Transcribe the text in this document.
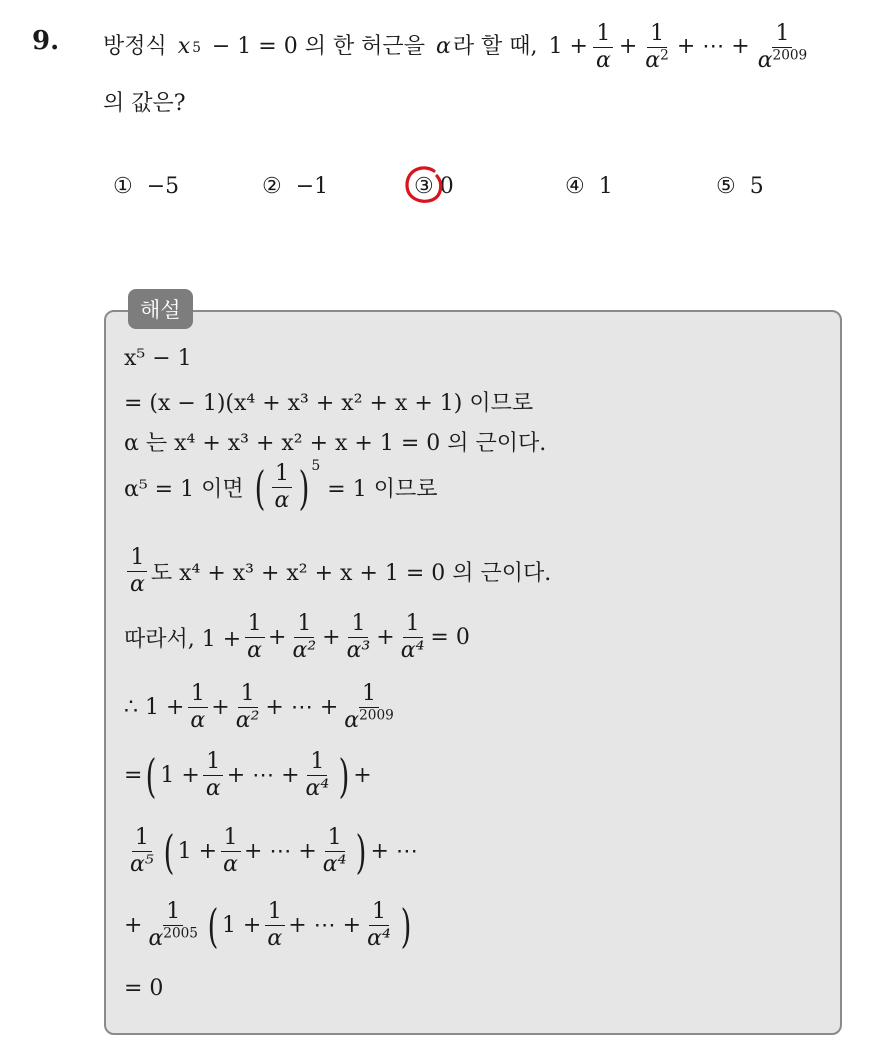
9. 방정식
x 5
− 1 = 0 의 한 허근을
α 라 할 때,
$1 + \frac{1}{\alpha} + \frac{1}{\alpha^2}$ + ⋯ + $\frac{1}{\alpha^{2009}}$
의 값은?
① −5	② −1	③ 0	④ 1	⑤ 5
해설
x⁵ − 1
= (x − 1)(x⁴ + x³ + x² + x + 1) 이므로
α 는 x⁴ + x³ + x² + x + 1 = 0 의 근이다.
α⁵ = 1 이면
( $\frac{1}{\alpha}$ ) 5

= 1 이므로
$\frac{1}{\alpha}$ 도 x⁴ + x³ + x² + x + 1 = 0 의 근이다.
따라서, $1 + \frac{1}{\alpha} + \frac{1}{\text{α²}} + \frac{1}{\text{α³}} + \frac{1}{\text{α⁴}} = 0$
∴ $1 + \frac{1}{\alpha} + \frac{1}{\text{α²}}$ + ⋯ + $\frac{1}{\alpha^{2009}}$
= ( $1 + \frac{1}{\alpha}$ + ⋯ + $\frac{1}{\text{α⁴}}$ ) +
$\frac{1}{\text{α⁵}}$ ( $1 + \frac{1}{\alpha}$ + ⋯ + $\frac{1}{\text{α⁴}}$ ) + ⋯
+ $\frac{1}{\alpha^{2005}}$ ( $1 + \frac{1}{\alpha}$ + ⋯ + $\frac{1}{\text{α⁴}}$ )
= 0
